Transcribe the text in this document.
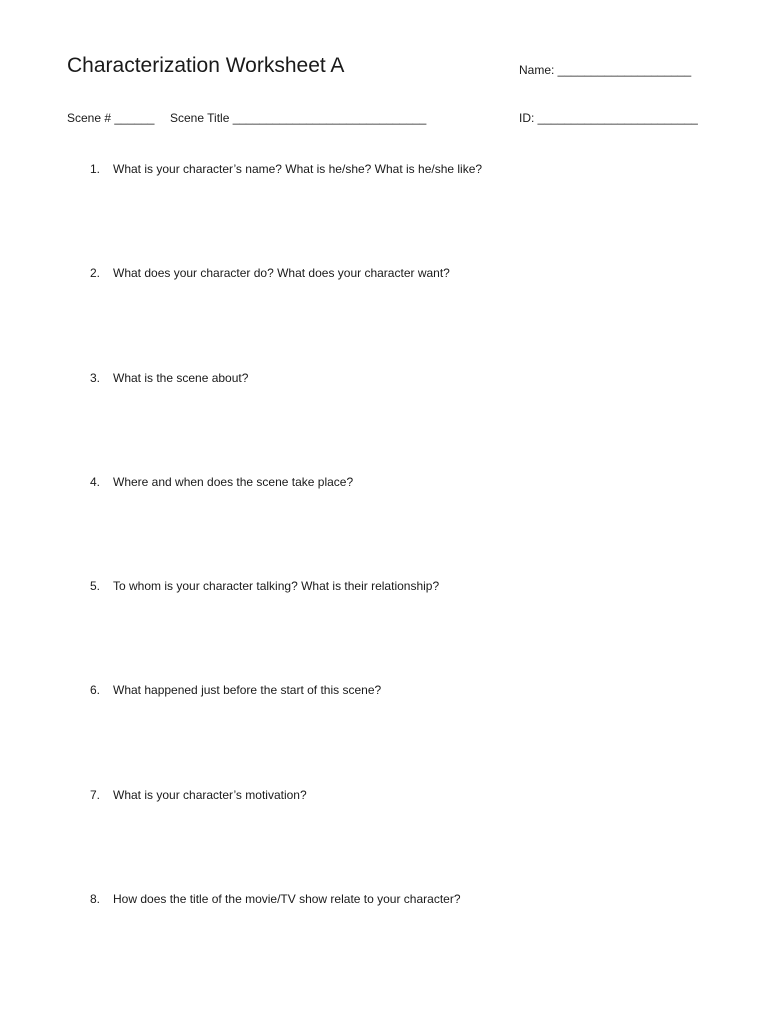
Characterization Worksheet A	Name: ____________________
Scene # ______ Scene Title _____________________________	ID: ________________________
1.	What is your character’s name? What is he/she? What is he/she like?
2.	What does your character do? What does your character want?
3.	What is the scene about?
4.	Where and when does the scene take place?
5.	To whom is your character talking? What is their relationship?
6.	What happened just before the start of this scene?
7.	What is your character’s motivation?
8.	How does the title of the movie/TV show relate to your character?
